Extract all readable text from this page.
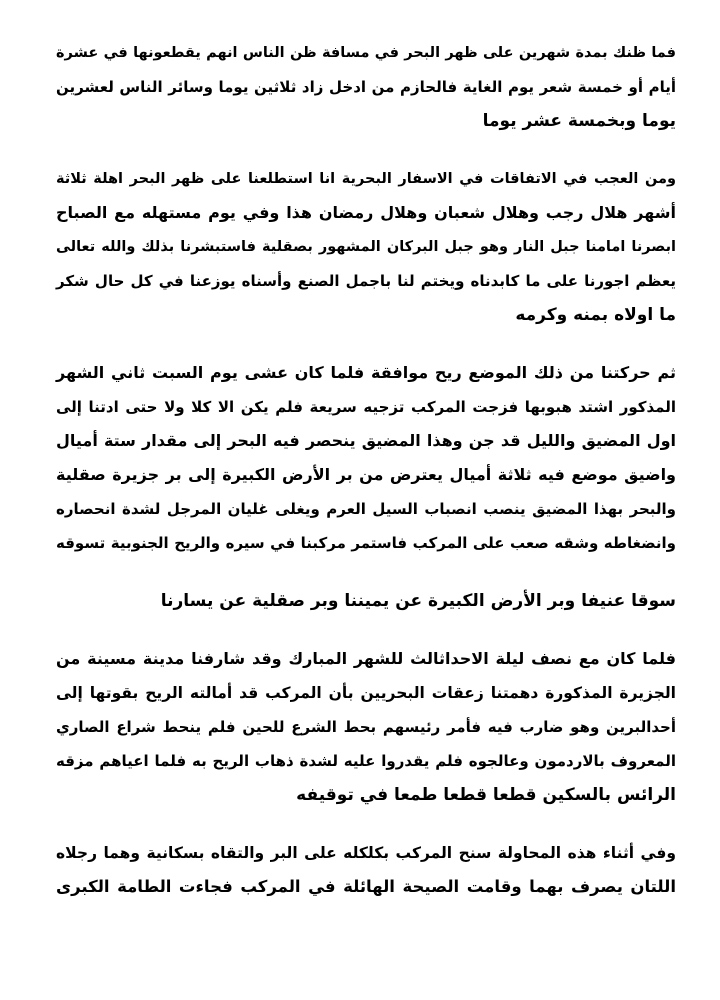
فما ظنك بمدة شهرين على ظهر البحر في مسافة ظن الناس انهم يقطعونها في عشرة
أيام أو خمسة شعر يوم الغاية فالحازم من ادخل زاد ثلاثين يوما وسائر الناس لعشرين
يوما وبخمسة عشر يوما
ومن العجب في الاتفاقات في الاسفار البحرية انا استطلعنا على ظهر البحر اهلة ثلاثة
أشهر هلال رجب وهلال شعبان وهلال رمضان هذا وفي يوم مستهله مع الصباح
ابصرنا امامنا جبل النار وهو جبل البركان المشهور بصقلية فاستبشرنا بذلك والله تعالى
يعظم اجورنا على ما كابدناه ويختم لنا باجمل الصنع وأسناه يوزعنا في كل حال شكر
ما اولاه بمنه وكرمه
ثم حركتنا من ذلك الموضع ريح موافقة فلما كان عشى يوم السبت ثاني الشهر
المذكور اشتد هبوبها فزجت المركب تزجيه سريعة فلم يكن الا كلا ولا حتى ادتنا إلى
اول المضيق والليل قد جن وهذا المضيق ينحصر فيه البحر إلى مقدار ستة أميال
واضيق موضع فيه ثلاثة أميال يعترض من بر الأرض الكبيرة إلى بر جزيرة صقلية
والبحر بهذا المضيق ينصب انصباب السيل العرم ويغلى غليان المرجل لشدة انحصاره
وانضغاطه وشقه صعب على المركب فاستمر مركبنا في سيره والريح الجنوبية تسوقه
سوقا عنيفا وبر الأرض الكبيرة عن يميننا وبر صقلية عن يسارنا
فلما كان مع نصف ليلة الاحداثالث للشهر المبارك وقد شارفنا مدينة مسينة من
الجزيرة المذكورة دهمتنا زعقات البحريين بأن المركب قد أمالته الريح بقوتها إلى
أحدالبرين وهو ضارب فيه فأمر رئيسهم بحط الشرع للحين فلم ينحط شراع الصاري
المعروف بالاردمون وعالجوه فلم يقدروا عليه لشدة ذهاب الريح به فلما اعياهم مزقه
الرائس بالسكين قطعا قطعا طمعا في توقيفه
وفي أثناء هذه المحاولة سنح المركب بكلكله على البر والتقاه بسكانية وهما رجلاه
اللتان يصرف بهما وقامت الصيحة الهائلة في المركب فجاءت الطامة الكبرى
